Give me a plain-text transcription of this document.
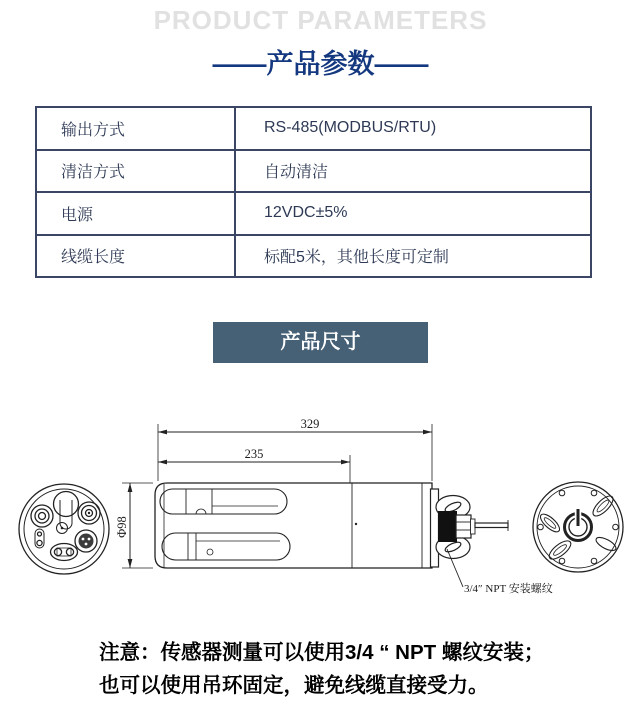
PRODUCT PARAMETERS
——产品参数——
输出方式	RS-485(MODBUS/RTU)
清洁方式	自动清洁
电源	12VDC±5%
线缆长度	标配5米，其他长度可定制
产品尺寸
329
235
Φ98
3/4″ NPT 安装螺纹
注意：传感器测量可以使用3/4 “ NPT 螺纹安装；
也可以使用吊环固定，避免线缆直接受力。
